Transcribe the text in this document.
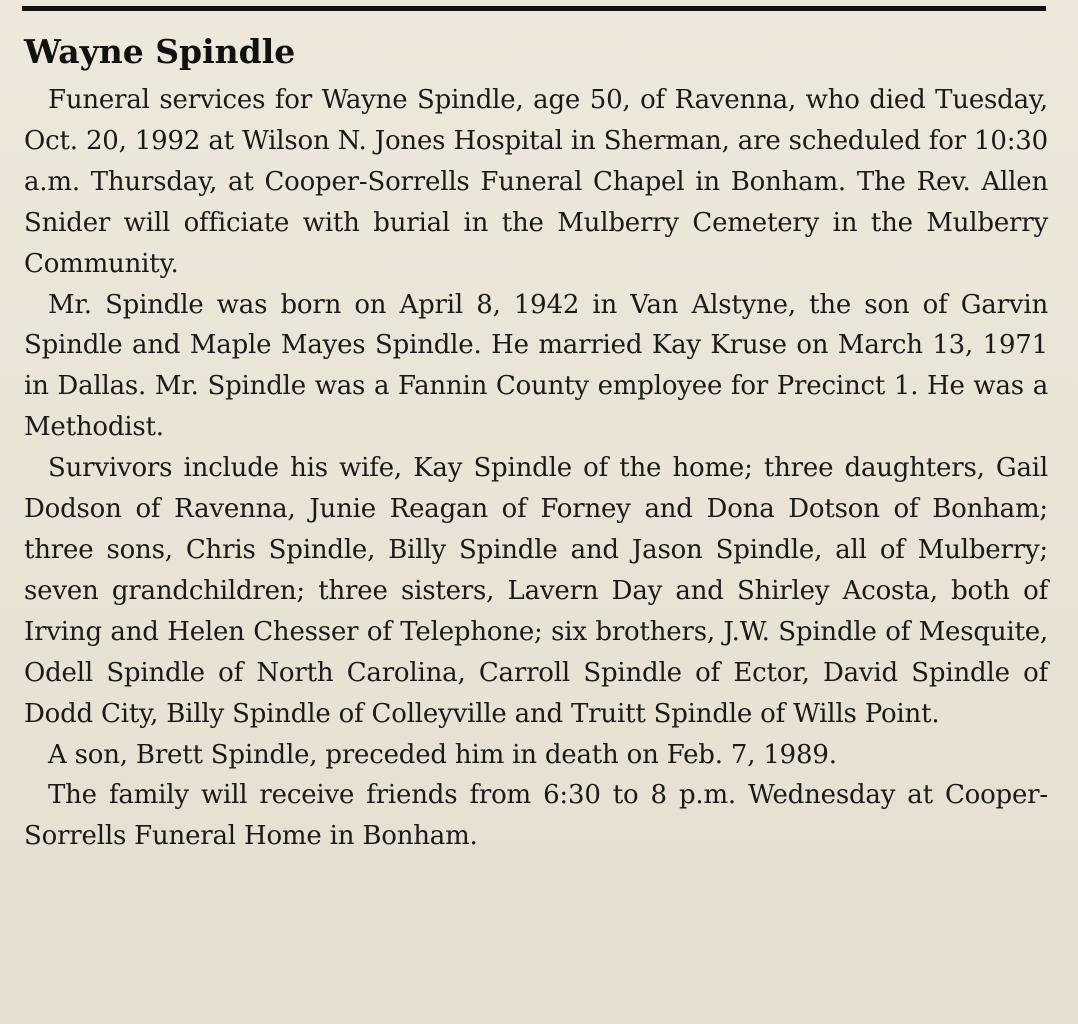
Wayne Spindle

Funeral services for Wayne Spindle, age 50, of Ravenna, who died Tuesday, Oct. 20, 1992 at Wilson N. Jones Hospital in Sherman, are scheduled for 10:30 a.m. Thursday, at Cooper-Sorrells Funeral Chapel in Bonham. The Rev. Allen Snider will officiate with burial in the Mulberry Cemetery in the Mulberry Community.

Mr. Spindle was born on April 8, 1942 in Van Alstyne, the son of Garvin Spindle and Maple Mayes Spindle. He married Kay Kruse on March 13, 1971 in Dallas. Mr. Spindle was a Fannin County employee for Precinct 1. He was a Methodist.

Survivors include his wife, Kay Spindle of the home; three daughters, Gail Dodson of Ravenna, Junie Reagan of Forney and Dona Dotson of Bonham; three sons, Chris Spindle, Billy Spindle and Jason Spindle, all of Mulberry; seven grandchildren; three sisters, Lavern Day and Shirley Acosta, both of Irving and Helen Chesser of Telephone; six brothers, J.W. Spindle of Mesquite, Odell Spindle of North Carolina, Carroll Spindle of Ector, David Spindle of Dodd City, Billy Spindle of Colleyville and Truitt Spindle of Wills Point.

A son, Brett Spindle, preceded him in death on Feb. 7, 1989.

The family will receive friends from 6:30 to 8 p.m. Wednesday at Cooper-Sorrells Funeral Home in Bonham.
